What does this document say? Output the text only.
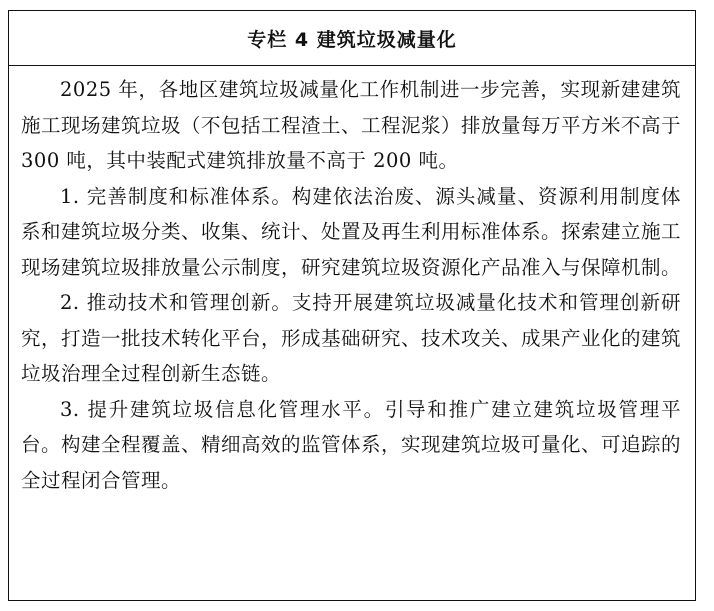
专栏 4 建筑垃圾减量化

2025 年，各地区建筑垃圾减量化工作机制进一步完善，实现新建建筑施工现场建筑垃圾（不包括工程渣土、工程泥浆）排放量每万平方米不高于 300 吨，其中装配式建筑排放量不高于 200 吨。

1. 完善制度和标准体系。构建依法治废、源头减量、资源利用制度体系和建筑垃圾分类、收集、统计、处置及再生利用标准体系。探索建立施工现场建筑垃圾排放量公示制度，研究建筑垃圾资源化产品准入与保障机制。

2. 推动技术和管理创新。支持开展建筑垃圾减量化技术和管理创新研究，打造一批技术转化平台，形成基础研究、技术攻关、成果产业化的建筑垃圾治理全过程创新生态链。

3. 提升建筑垃圾信息化管理水平。引导和推广建立建筑垃圾管理平台。构建全程覆盖、精细高效的监管体系，实现建筑垃圾可量化、可追踪的全过程闭合管理。
